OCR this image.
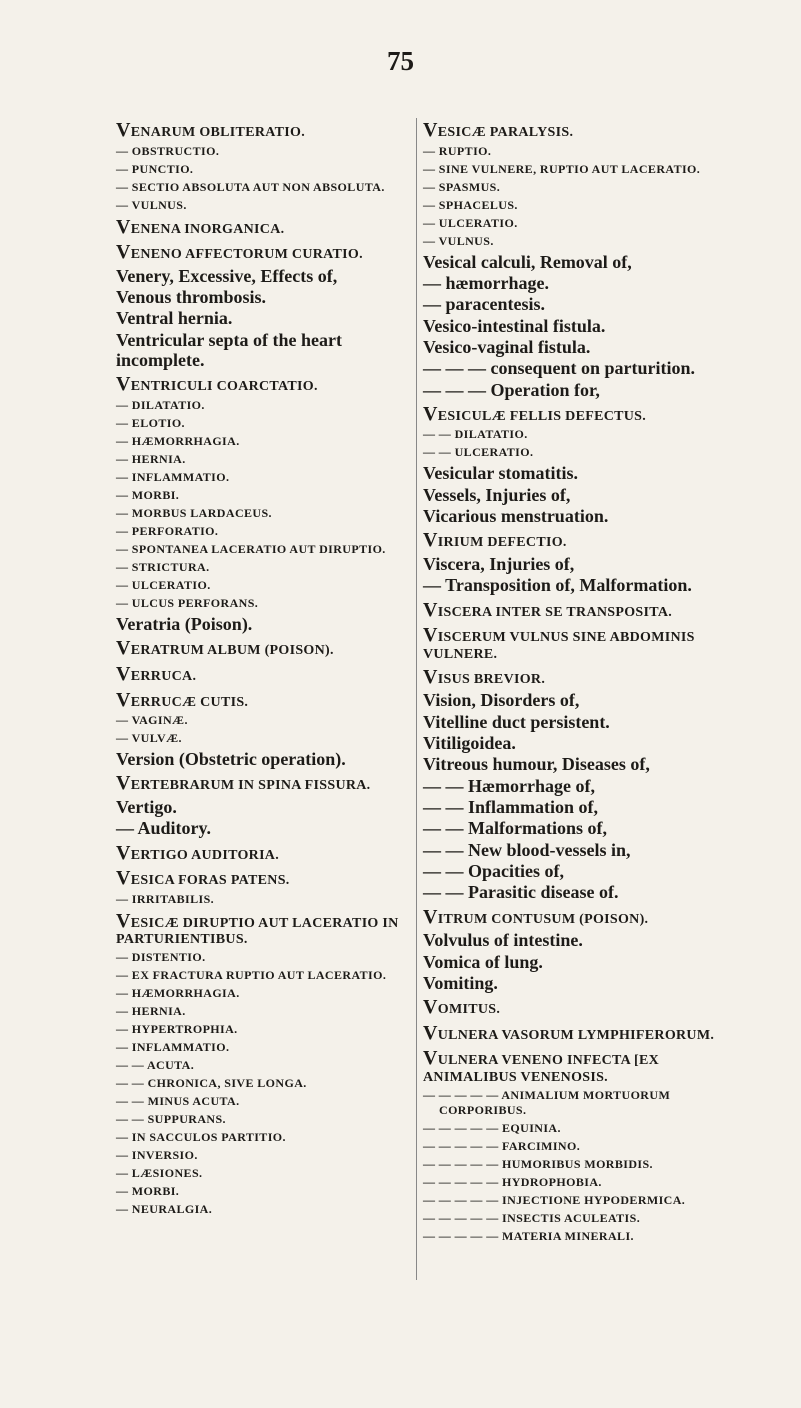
75
VENARUM OBLITERATIO.
— OBSTRUCTIO.
— PUNCTIO.
— SECTIO ABSOLUTA AUT NON ABSOLUTA.
— VULNUS.
VENENA INORGANICA.
VENENO AFFECTORUM CURATIO.
Venery, Excessive, Effects of,
Venous thrombosis.
Ventral hernia.
Ventricular septa of the heart incomplete.
VENTRICULI COARCTATIO.
— DILATATIO.
— ELOTIO.
— HÆMORRHAGIA.
— HERNIA.
— INFLAMMATIO.
— MORBI.
— MORBUS LARDACEUS.
— PERFORATIO.
— SPONTANEA LACERATIO AUT DIRUPTIO.
— STRICTURA.
— ULCERATIO.
— ULCUS PERFORANS.
Veratria (Poison).
VERATRUM ALBUM (POISON).
VERRUCA.
VERRUCÆ CUTIS.
— VAGINÆ.
— VULVÆ.
Version (Obstetric operation).
VERTEBRARUM IN SPINA FISSURA.
Vertigo.
— Auditory.
VERTIGO AUDITORIA.
VESICA FORAS PATENS.
— IRRITABILIS.
VESICÆ DIRUPTIO AUT LACERATIO IN PARTURIENTIBUS.
— DISTENTIO.
— EX FRACTURA RUPTIO AUT LACERATIO.
— HÆMORRHAGIA.
— HERNIA.
— HYPERTROPHIA.
— INFLAMMATIO.
— — ACUTA.
— — CHRONICA, SIVE LONGA.
— — MINUS ACUTA.
— — SUPPURANS.
— IN SACCULOS PARTITIO.
— INVERSIO.
— LÆSIONES.
— MORBI.
— NEURALGIA.
VESICÆ PARALYSIS.
— RUPTIO.
— SINE VULNERE, RUPTIO AUT LACERATIO.
— SPASMUS.
— SPHACELUS.
— ULCERATIO.
— VULNUS.
Vesical calculi, Removal of,
— hæmorrhage.
— paracentesis.
Vesico-intestinal fistula.
Vesico-vaginal fistula.
— — — consequent on parturition.
— — — Operation for,
VESICULÆ FELLIS DEFECTUS.
— — DILATATIO.
— — ULCERATIO.
Vesicular stomatitis.
Vessels, Injuries of,
Vicarious menstruation.
VIRIUM DEFECTIO.
Viscera, Injuries of,
— Transposition of, Malformation.
VISCERA INTER SE TRANSPOSITA.
VISCERUM VULNUS SINE ABDOMINIS VULNERE.
VISUS BREVIOR.
Vision, Disorders of,
Vitelline duct persistent.
Vitiligoidea.
Vitreous humour, Diseases of,
— — Hæmorrhage of,
— — Inflammation of,
— — Malformations of,
— — New blood-vessels in,
— — Opacities of,
— — Parasitic disease of.
VITRUM CONTUSUM (POISON).
Volvulus of intestine.
Vomica of lung.
Vomiting.
VOMITUS.
VULNERA VASORUM LYMPHIFERORUM.
VULNERA VENENO INFECTA [EX ANIMALIBUS VENENOSIS.
— — — — — ANIMALIUM MORTUORUM CORPORIBUS.
— — — — — EQUINIA.
— — — — — FARCIMINO.
— — — — — HUMORIBUS MORBIDIS.
— — — — — HYDROPHOBIA.
— — — — — INJECTIONE HYPODERMICA.
— — — — — INSECTIS ACULEATIS.
— — — — — MATERIA MINERALI.
